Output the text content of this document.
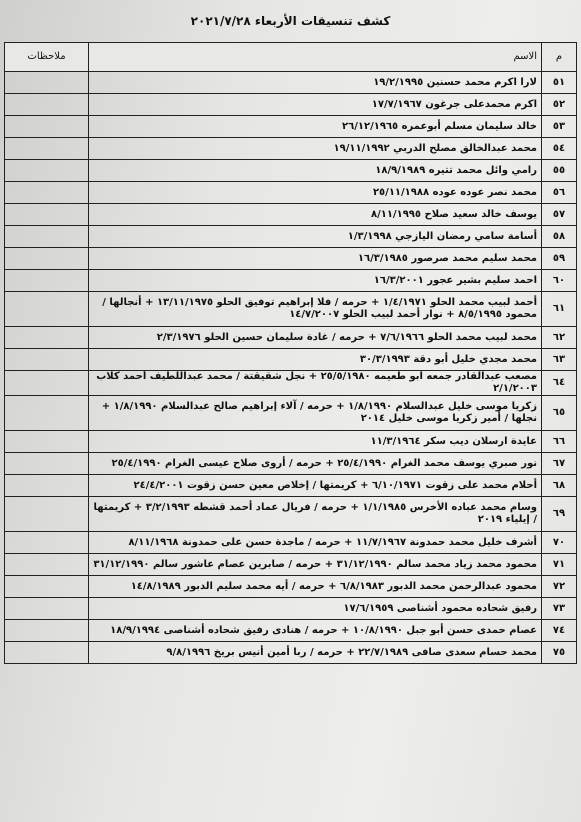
كشف تنسيقات الأربعاء ٢٠٢١/٧/٢٨
م	الاسم	ملاحظات
٥١	لارا اكرم محمد حسنين ١٩/٢/١٩٩٥	
٥٢	اكرم محمدعلى جرغون ١٧/٧/١٩٦٧	
٥٣	خالد سليمان مسلم أبوعمره ٢٦/١٢/١٩٦٥	
٥٤	محمد عبدالخالق مصلح الدربي ١٩/١١/١٩٩٢	
٥٥	رامي وائل محمد تتيره ١٨/٩/١٩٨٩	
٥٦	محمد نصر عوده عوده ٢٥/١١/١٩٨٨	
٥٧	يوسف خالد سعيد صلاح ٨/١١/١٩٩٥	
٥٨	أسامة سامي رمضان اليازجي ١/٣/١٩٩٨	
٥٩	محمد سليم محمد صرصور ١٦/٣/١٩٨٥	
٦٠	احمد سليم بشير عجور ١٦/٣/٢٠٠١	
٦١	أحمد لبيب محمد الحلو ١/٤/١٩٧١ + حرمه / فلا إبراهيم توفيق الحلو ١٣/١١/١٩٧٥ + أنجالها / محمود ٨/٥/١٩٩٥ + نوار أحمد لبيب الحلو ١٤/٧/٢٠٠٧	
٦٢	محمد لبيب محمد الحلو ٧/٦/١٩٦٦ + حرمه / غادة سليمان حسين الحلو ٢/٣/١٩٧٦	
٦٣	محمد مجدي خليل أبو دقة ٣٠/٣/١٩٩٣	
٦٤	مصعب عبدالقادر جمعه ابو طعيمه ٢٥/٥/١٩٨٠ + نجل شقيقتة / محمد عبداللطيف أحمد كلاب ٢/١/٢٠٠٣	
٦٥	زكريا موسى خليل عبدالسلام ١/٨/١٩٩٠ + حرمه / آلاء إبراهيم صالح عبدالسلام ١/٨/١٩٩٠ + نجلها / أمير زكريا موسى خليل ٢٠١٤	
٦٦	عايدة ارسلان ديب سكر ١١/٣/١٩٦٤	
٦٧	نور صبري يوسف محمد الغرام ٢٥/٤/١٩٩٠ + حرمه / أروى صلاح عيسى الغرام ٢٥/٤/١٩٩٠	
٦٨	أحلام محمد على زقوت ٦/١٠/١٩٧١ + كريمتها / إخلاص معين حسن زقوت ٢٤/٤/٢٠٠١	
٦٩	وسام محمد عباده الأخرس ١/١/١٩٨٥ + حرمه / فريال عماد أحمد قشطه ٣/٢/١٩٩٣ + كريمتها / إيلياء ٢٠١٩	
٧٠	أشرف خليل محمد حمدونة ١١/٧/١٩٦٧ + حرمه / ماجدة حسن على حمدونة ٨/١١/١٩٦٨	
٧١	محمود محمد زياد محمد سالم ٣١/١٢/١٩٩٠ + حرمه / صابرين عصام عاشور سالم ٣١/١٢/١٩٩٠	
٧٢	محمود عبدالرحمن محمد الدبور ٦/٨/١٩٨٣ + حرمه / أيه محمد سليم الدبور ١٤/٨/١٩٨٩	
٧٣	رفيق شحاده محمود أشناصى ١٧/٦/١٩٥٩	
٧٤	عصام حمدى حسن أبو جبل ١٠/٨/١٩٩٠ + حرمه / هنادى رفيق شحاده أشناصى ١٨/٩/١٩٩٤	
٧٥	محمد حسام سعدى صافى ٢٢/٧/١٩٨٩ + حرمه / ربا أمين أنيس بريخ ٩/٨/١٩٩٦	
